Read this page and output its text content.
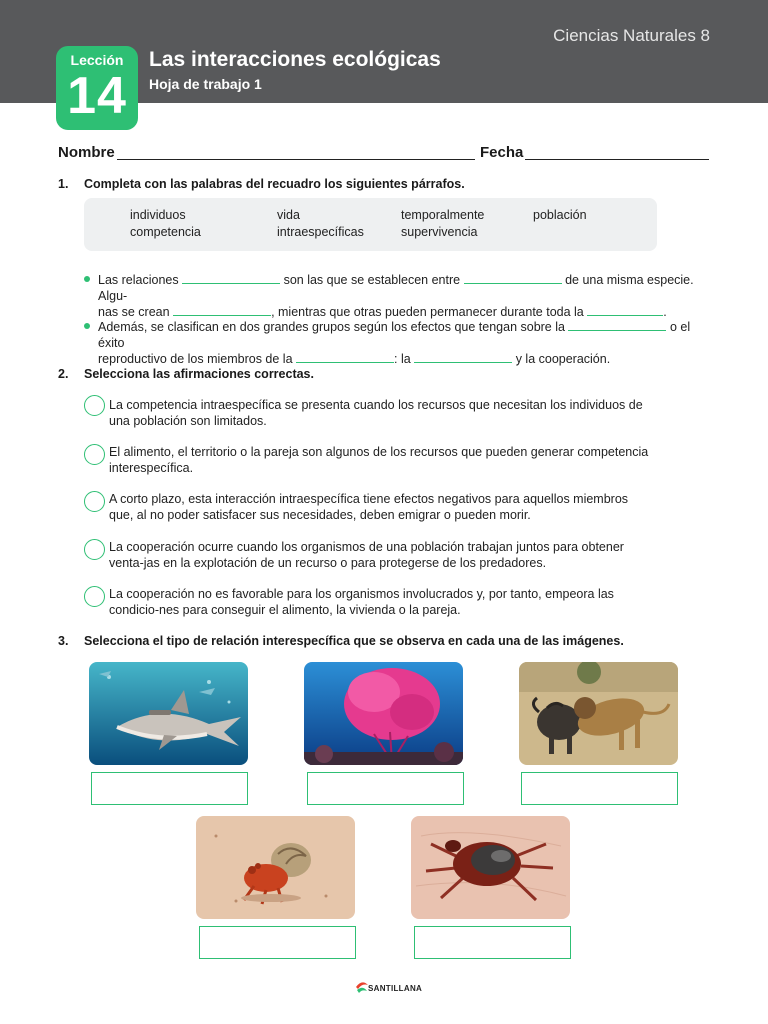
Ciencias Naturales 8
Lección
14
Las interacciones ecológicas
Hoja de trabajo 1
Nombre	Fecha
1. Completa con las palabras del recuadro los siguientes párrafos.
individuos	vida	temporalmente	población
competencia	intraespecíficas	supervivencia
Las relaciones	son las que se establecen entre	de una misma especie. Algu-
nas se crean	, mientras que otras pueden permanecer durante toda la	.
Además, se clasifican en dos grandes grupos según los efectos que tengan sobre la	o el éxito
reproductivo de los miembros de la	: la	y la cooperación.
2. Selecciona las afirmaciones correctas.
La competencia intraespecífica se presenta cuando los recursos que necesitan los individuos de una población son limitados.
El alimento, el territorio o la pareja son algunos de los recursos que pueden generar competencia interespecífica.
A corto plazo, esta interacción intraespecífica tiene efectos negativos para aquellos miembros que, al no poder satisfacer sus necesidades, deben emigrar o pueden morir.
La cooperación ocurre cuando los organismos de una población trabajan juntos para obtener venta-jas en la explotación de un recurso o para protegerse de los predadores.
La cooperación no es favorable para los organismos involucrados y, por tanto, empeora las condicio-nes para conseguir el alimento, la vivienda o la pareja.
3. Selecciona el tipo de relación interespecífica que se observa en cada una de las imágenes.
SANTILLANA
